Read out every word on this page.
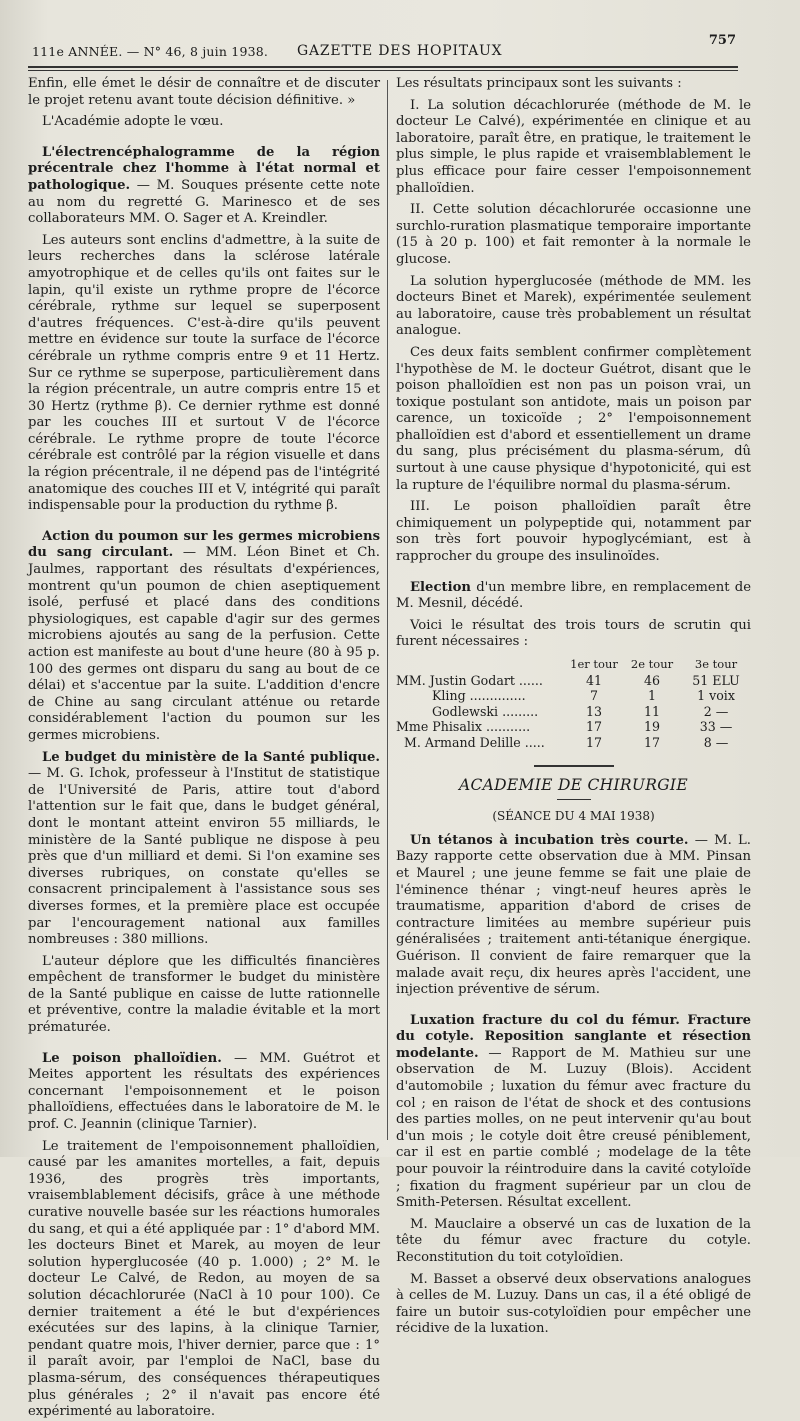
111e ANNÉE. — N° 46, 8 juin 1938. GAZETTE DES HOPITAUX
757

Enfin, elle émet le désir de connaître et de discuter le projet retenu avant toute décision définitive. »

L'Académie adopte le vœu.

L'électrencéphalogramme de la région précentrale chez l'homme à l'état normal et pathologique. — M. Souques présente cette note au nom du regretté G. Marinesco et de ses collaborateurs MM. O. Sager et A. Kreindler.

Les auteurs sont enclins d'admettre, à la suite de leurs recherches dans la sclérose latérale amyotrophique et de celles qu'ils ont faites sur le lapin, qu'il existe un rythme propre de l'écorce cérébrale, rythme sur lequel se superposent d'autres fréquences. C'est-à-dire qu'ils peuvent mettre en évidence sur toute la surface de l'écorce cérébrale un rythme compris entre 9 et 11 Hertz. Sur ce rythme se superpose, particulièrement dans la région précentrale, un autre compris entre 15 et 30 Hertz (rythme β). Ce dernier rythme est donné par les couches III et surtout V de l'écorce cérébrale. Le rythme propre de toute l'écorce cérébrale est contrôlé par la région visuelle et dans la région précentrale, il ne dépend pas de l'intégrité anatomique des couches III et V, intégrité qui paraît indispensable pour la production du rythme β.

Action du poumon sur les germes microbiens du sang circulant. — MM. Léon Binet et Ch. Jaulmes, rapportant des résultats d'expériences, montrent qu'un poumon de chien aseptiquement isolé, perfusé et placé dans des conditions physiologiques, est capable d'agir sur des germes microbiens ajoutés au sang de la perfusion. Cette action est manifeste au bout d'une heure (80 à 95 p. 100 des germes ont disparu du sang au bout de ce délai) et s'accentue par la suite. L'addition d'encre de Chine au sang circulant atténue ou retarde considérablement l'action du poumon sur les germes microbiens.

Le budget du ministère de la Santé publique. — M. G. Ichok, professeur à l'Institut de statistique de l'Université de Paris, attire tout d'abord l'attention sur le fait que, dans le budget général, dont le montant atteint environ 55 milliards, le ministère de la Santé publique ne dispose à peu près que d'un milliard et demi. Si l'on examine ses diverses rubriques, on constate qu'elles se consacrent principalement à l'assistance sous ses diverses formes, et la première place est occupée par l'encouragement national aux familles nombreuses : 380 millions.

L'auteur déplore que les difficultés financières empêchent de transformer le budget du ministère de la Santé publique en caisse de lutte rationnelle et préventive, contre la maladie évitable et la mort prématurée.

Le poison phalloïdien. — MM. Guétrot et Meites apportent les résultats des expériences concernant l'empoisonnement et le poison phalloïdiens, effectuées dans le laboratoire de M. le prof. C. Jeannin (clinique Tarnier).

Le traitement de l'empoisonnement phalloïdien, causé par les amanites mortelles, a fait, depuis 1936, des progrès très importants, vraisemblablement décisifs, grâce à une méthode curative nouvelle basée sur les réactions humorales du sang, et qui a été appliquée par : 1° d'abord MM. les docteurs Binet et Marek, au moyen de leur solution hyperglucosée (40 p. 1.000) ; 2° M. le docteur Le Calvé, de Redon, au moyen de sa solution décachlorurée (NaCl à 10 pour 100). Ce dernier traitement a été le but d'expériences exécutées sur des lapins, à la clinique Tarnier, pendant quatre mois, l'hiver dernier, parce que : 1° il paraît avoir, par l'emploi de NaCl, base du plasma-sérum, des conséquences thérapeutiques plus générales ; 2° il n'avait pas encore été expérimenté au laboratoire.

Les résultats principaux sont les suivants :

I. La solution décachlorurée (méthode de M. le docteur Le Calvé), expérimentée en clinique et au laboratoire, paraît être, en pratique, le traitement le plus simple, le plus rapide et vraisemblablement le plus efficace pour faire cesser l'empoisonnement phalloïdien.

II. Cette solution décachlorurée occasionne une surchlo-ruration plasmatique temporaire importante (15 à 20 p. 100) et fait remonter à la normale le glucose.

La solution hyperglucosée (méthode de MM. les docteurs Binet et Marek), expérimentée seulement au laboratoire, cause très probablement un résultat analogue.

Ces deux faits semblent confirmer complètement l'hypothèse de M. le docteur Guétrot, disant que le poison phalloïdien est non pas un poison vrai, un toxique postulant son antidote, mais un poison par carence, un toxicoïde ; 2° l'empoisonnement phalloïdien est d'abord et essentiellement un drame du sang, plus précisément du plasma-sérum, dû surtout à une cause physique d'hypotonicité, qui est la rupture de l'équilibre normal du plasma-sérum.

III. Le poison phalloïdien paraît être chimiquement un polypeptide qui, notamment par son très fort pouvoir hypoglycémiant, est à rapprocher du groupe des insulinoïdes.

Election d'un membre libre, en remplacement de M. Mesnil, décédé.

Voici le résultat des trois tours de scrutin qui furent nécessaires :

	1er tour	2e tour	3e tour
MM. Justin Godart ......	41	46	51 ELU
Kling ..............	7	1	1 voix
Godlewski .........	13	11	2 —
Mme Phisalix ...........	17	19	33 —
M. Armand Delille .....	17	17	8 —
ACADEMIE DE CHIRURGIE
(SÉANCE DU 4 MAI 1938)

Un tétanos à incubation très courte. — M. L. Bazy rapporte cette observation due à MM. Pinsan et Maurel ; une jeune femme se fait une plaie de l'éminence thénar ; vingt-neuf heures après le traumatisme, apparition d'abord de crises de contracture limitées au membre supérieur puis généralisées ; traitement anti-tétanique énergique. Guérison. Il convient de faire remarquer que la malade avait reçu, dix heures après l'accident, une injection préventive de sérum.

Luxation fracture du col du fémur. Fracture du cotyle. Reposition sanglante et résection modelante. — Rapport de M. Mathieu sur une observation de M. Luzuy (Blois). Accident d'automobile ; luxation du fémur avec fracture du col ; en raison de l'état de shock et des contusions des parties molles, on ne peut intervenir qu'au bout d'un mois ; le cotyle doit être creusé péniblement, car il est en partie comblé ; modelage de la tête pour pouvoir la réintroduire dans la cavité cotyloïde ; fixation du fragment supérieur par un clou de Smith-Petersen. Résultat excellent.

M. Mauclaire a observé un cas de luxation de la tête du fémur avec fracture du cotyle. Reconstitution du toit cotyloïdien.

M. Basset a observé deux observations analogues à celles de M. Luzuy. Dans un cas, il a été obligé de faire un butoir sus-cotyloïdien pour empêcher une récidive de la luxation.
